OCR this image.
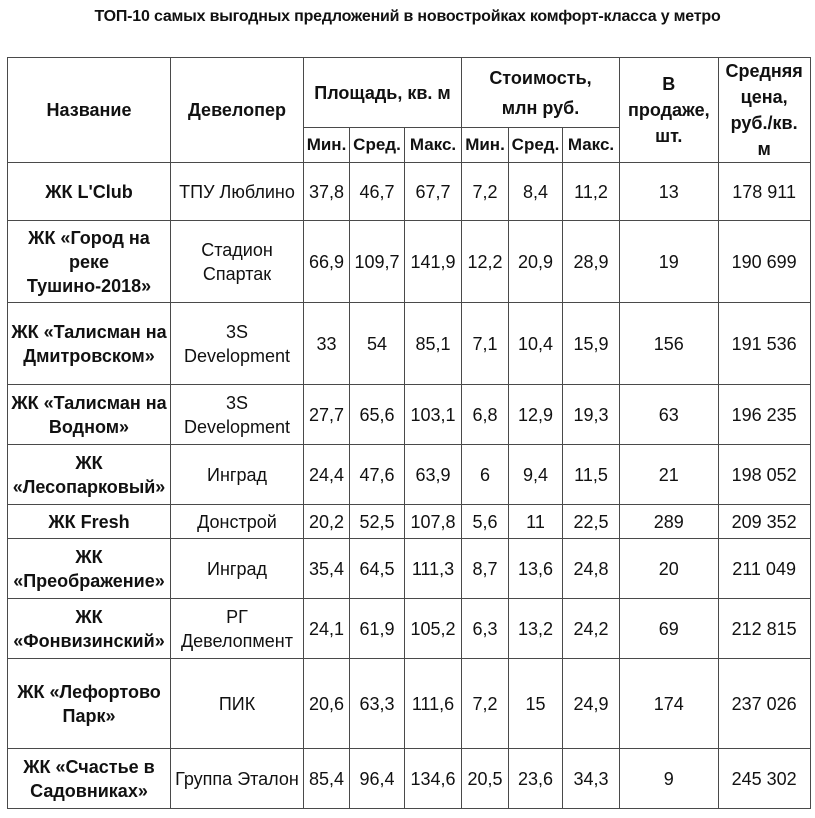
ТОП-10 самых выгодных предложений в новостройках комфорт-класса у метро
Название	Девелопер	Площадь, кв. м			Стоимость, млн руб.			В продаже, шт.	Средняя цена, руб./кв. м
		Мин.	Сред.	Макс.	Мин.	Сред.	Макс.		
ЖК L'Club	ТПУ Люблино	37,8	46,7	67,7	7,2	8,4	11,2	13	178 911
ЖК «Город на реке Тушино-2018»	Стадион Спартак	66,9	109,7	141,9	12,2	20,9	28,9	19	190 699
ЖК «Талисман на Дмитровском»	3S Development	33	54	85,1	7,1	10,4	15,9	156	191 536
ЖК «Талисман на Водном»	3S Development	27,7	65,6	103,1	6,8	12,9	19,3	63	196 235
ЖК «Лесопарковый»	Инград	24,4	47,6	63,9	6	9,4	11,5	21	198 052
ЖК Fresh	Донстрой	20,2	52,5	107,8	5,6	11	22,5	289	209 352
ЖК «Преображение»	Инград	35,4	64,5	111,3	8,7	13,6	24,8	20	211 049
ЖК «Фонвизинский»	РГ Девелопмент	24,1	61,9	105,2	6,3	13,2	24,2	69	212 815
ЖК «Лефортово Парк»	ПИК	20,6	63,3	111,6	7,2	15	24,9	174	237 026
ЖК «Счастье в Садовниках»	Группа Эталон	85,4	96,4	134,6	20,5	23,6	34,3	9	245 302
